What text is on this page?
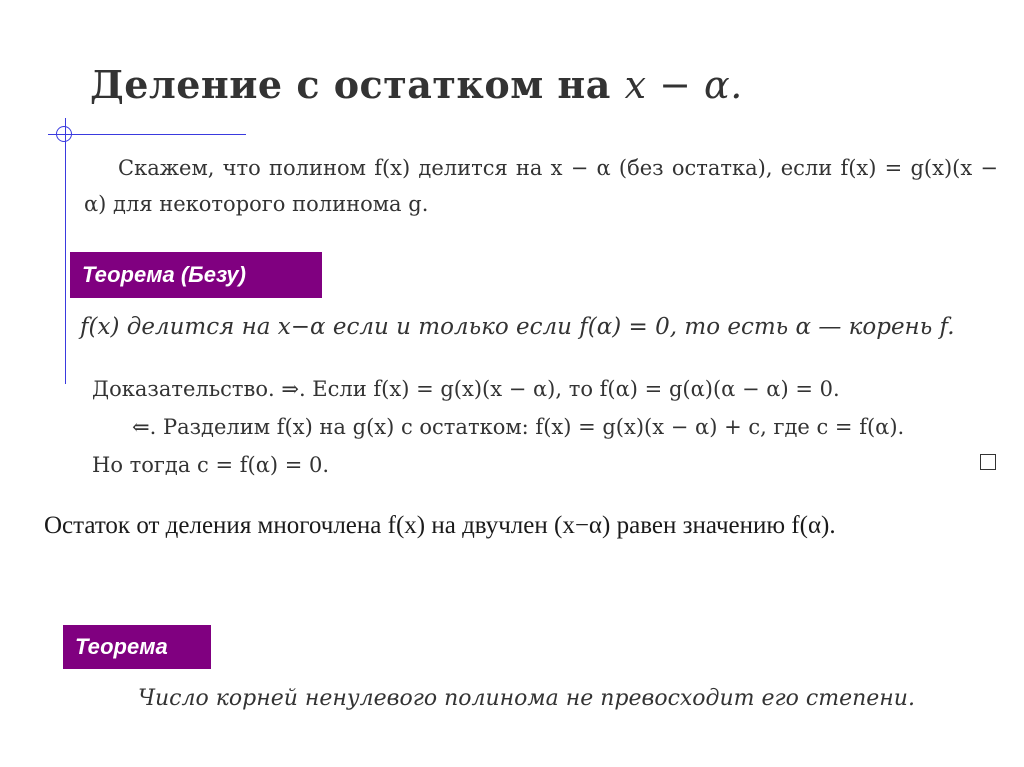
Деление с остатком на x − α.
Скажем, что полином f(x) делится на x − α (без остатка), если f(x) = g(x)(x − α) для некоторого полинома g.
Теорема (Безу)
f(x) делится на x−α если и только если f(α) = 0, то есть α — корень f.
Доказательство. ⇒. Если f(x) = g(x)(x − α), то f(α) = g(α)(α − α) = 0.
⇐. Разделим f(x) на g(x) с остатком: f(x) = g(x)(x − α) + c, где c = f(α).
Но тогда c = f(α) = 0.
Остаток от деления многочлена f(x) на двучлен (x−α) равен значению f(α).
Теорема
Число корней ненулевого полинома не превосходит его степени.
